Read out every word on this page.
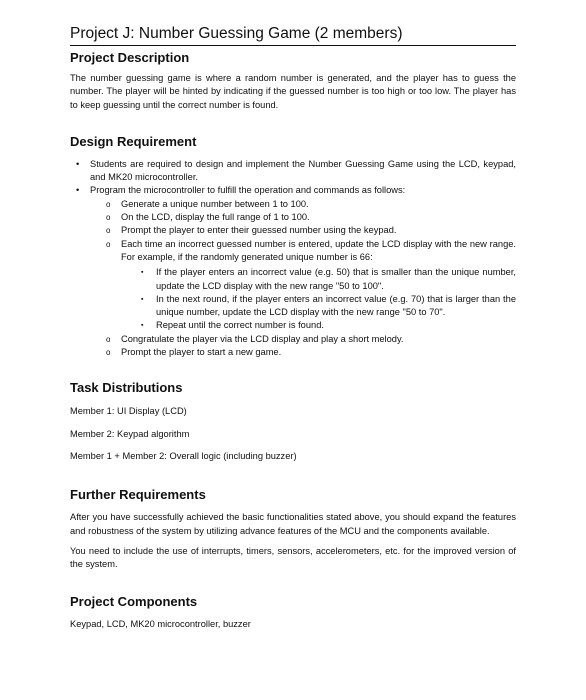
Project J: Number Guessing Game (2 members)
Project Description

The number guessing game is where a random number is generated, and the player has to guess the number. The player will be hinted by indicating if the guessed number is too high or too low. The player has to keep guessing until the correct number is found.

Design Requirement
• Students are required to design and implement the Number Guessing Game using the LCD, keypad, and MK20 microcontroller.
• Program the microcontroller to fulfill the operation and commands as follows:
o Generate a unique number between 1 to 100.
o On the LCD, display the full range of 1 to 100.
o Prompt the player to enter their guessed number using the keypad.
o Each time an incorrect guessed number is entered, update the LCD display with the new range. For example, if the randomly generated unique number is 66:
▪ If the player enters an incorrect value (e.g. 50) that is smaller than the unique number, update the LCD display with the new range "50 to 100".
▪ In the next round, if the player enters an incorrect value (e.g. 70) that is larger than the unique number, update the LCD display with the new range "50 to 70".
▪ Repeat until the correct number is found.
o Congratulate the player via the LCD display and play a short melody.
o Prompt the player to start a new game.
Task Distributions

Member 1: UI Display (LCD)

Member 2: Keypad algorithm

Member 1 + Member 2: Overall logic (including buzzer)

Further Requirements

After you have successfully achieved the basic functionalities stated above, you should expand the features and robustness of the system by utilizing advance features of the MCU and the components available.

You need to include the use of interrupts, timers, sensors, accelerometers, etc. for the improved version of the system.

Project Components

Keypad, LCD, MK20 microcontroller, buzzer
